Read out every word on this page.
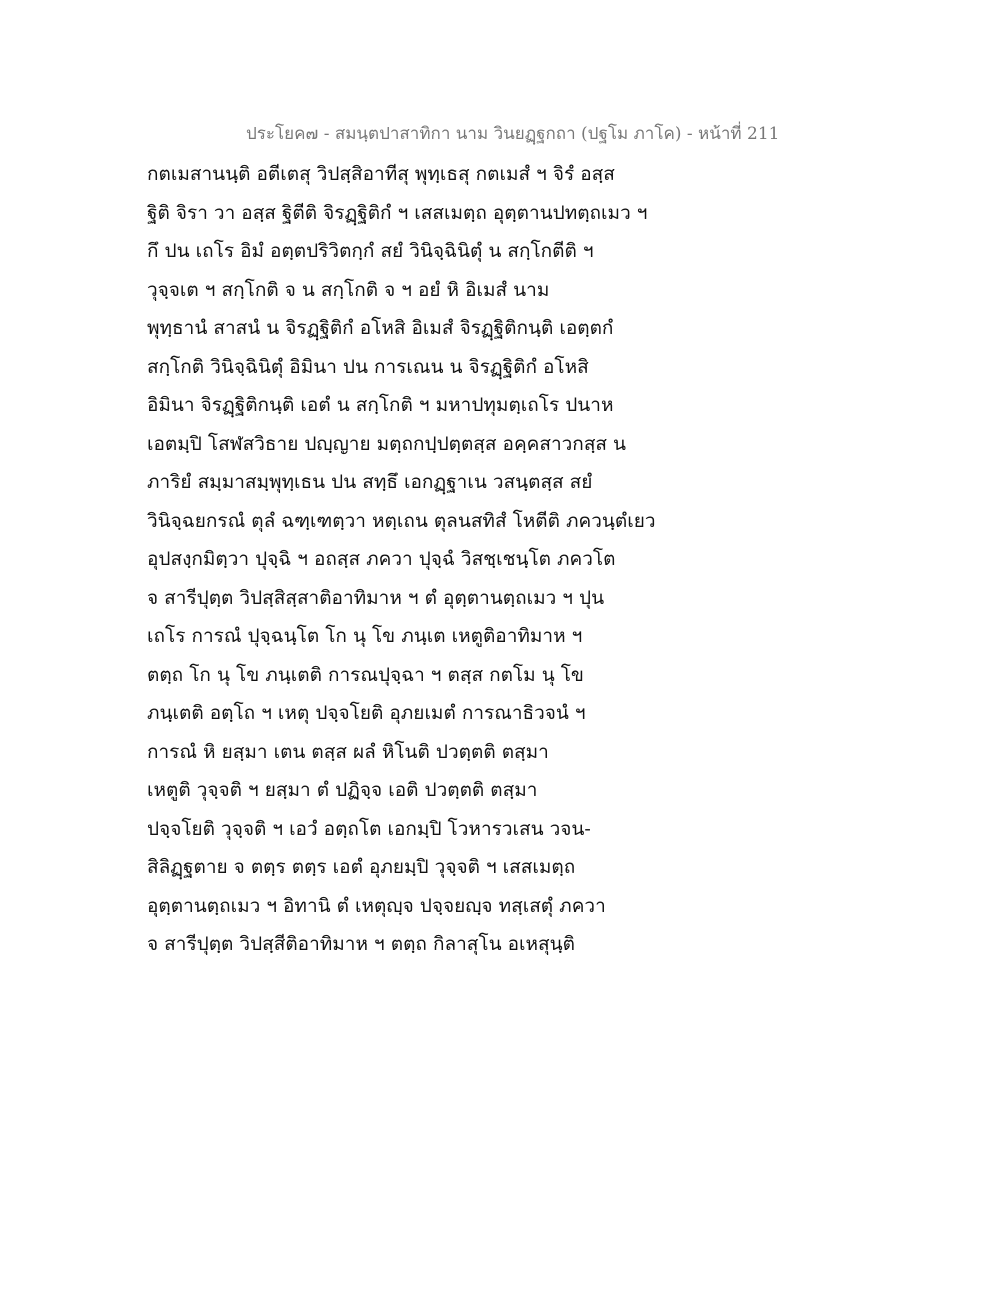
ประโยค๗ - สมนฺตปาสาทิกา นาม วินยฏฺฐกถา (ปฐโม ภาโค) - หน้าที่ 211
กตเมสานนฺติ อตีเตสุ วิปสฺสิอาทีสุ พุทฺเธสุ กตเมสํ ฯ จิรํ อสฺส
ฐิติ จิรา วา อสฺส ฐิตีติ จิรฏฺฐิติกํ ฯ เสสเมตฺถ อุตฺตานปทตฺถเมว ฯ
กึ ปน เถโร อิมํ อตฺตปริวิตกฺกํ สยํ วินิจฺฉินิตุํ น สกฺโกตีติ ฯ
วุจฺจเต ฯ สกฺโกติ จ น สกฺโกติ จ ฯ อยํ หิ อิเมสํ นาม
พุทฺธานํ สาสนํ น จิรฏฺฐิติกํ อโหสิ อิเมสํ จิรฏฺฐิติกนฺติ เอตฺตกํ
สกฺโกติ วินิจฺฉินิตุํ อิมินา ปน การเณน น จิรฏฺฐิติกํ อโหสิ
อิมินา จิรฏฺฐิติกนฺติ เอตํ น สกฺโกติ ฯ มหาปทุมตฺเถโร ปนาห
เอตมฺปิ โสฬสวิธาย ปญฺญาย มตฺถกปฺปตฺตสฺส อคฺคสาวกสฺส น
ภาริยํ สมฺมาสมฺพุทฺเธน ปน สทฺธึ เอกฏฺฐาเน วสนฺตสฺส สยํ
วินิจฺฉยกรณํ ตุลํ ฉฑฺเฑตฺวา หตฺเถน ตุลนสทิสํ โหตีติ ภควนฺตํเยว
อุปสงฺกมิตฺวา ปุจฺฉิ ฯ อถสฺส ภควา ปุจฺฉํ วิสชฺเชนฺโต ภควโต
จ สารีปุตฺต วิปสฺสิสฺสาติอาทิมาห ฯ ตํ อุตฺตานตฺถเมว ฯ ปุน
เถโร การณํ ปุจฺฉนฺโต โก นุ โข ภนฺเต เหตูติอาทิมาห ฯ
ตตฺถ โก นุ โข ภนฺเตติ การณปุจฺฉา ฯ ตสฺส กตโม นุ โข
ภนฺเตติ อตฺโถ ฯ เหตุ ปจฺจโยติ อุภยเมตํ การณาธิวจนํ ฯ
การณํ หิ ยสฺมา เตน ตสฺส ผลํ หิโนติ ปวตฺตติ ตสฺมา
เหตูติ วุจฺจติ ฯ ยสฺมา ตํ ปฏิจฺจ เอติ ปวตฺตติ ตสฺมา
ปจฺจโยติ วุจฺจติ ฯ เอวํ อตฺถโต เอกมฺปิ โวหารวเสน วจน-
สิลิฏฺฐตาย จ ตตฺร ตตฺร เอตํ อุภยมฺปิ วุจฺจติ ฯ เสสเมตฺถ
อุตฺตานตฺถเมว ฯ อิทานิ ตํ เหตุญฺจ ปจฺจยญฺจ ทสฺเสตุํ ภควา
จ สารีปุตฺต วิปสฺสีติอาทิมาห ฯ ตตฺถ กิลาสุโน อเหสุนฺติ
